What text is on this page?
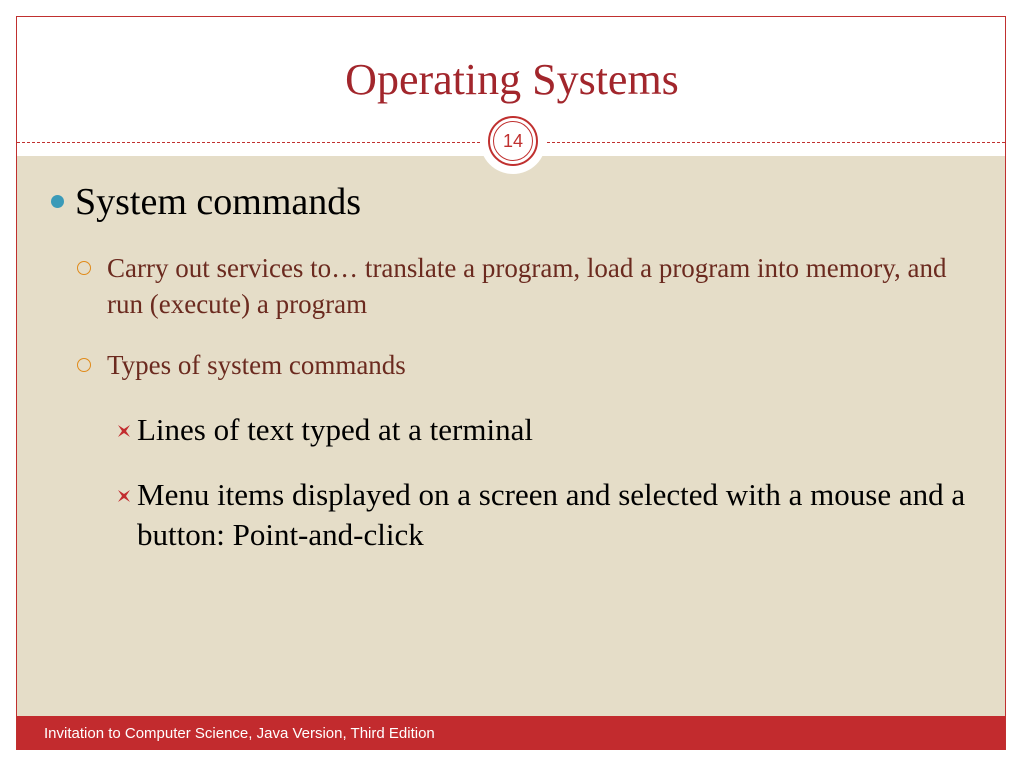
Operating Systems
14
System commands
Carry out services to… translate a program, load a program into memory, and run (execute) a program
Types of system commands
Lines of text typed at a terminal
Menu items displayed on a screen and selected with a mouse and a button: Point-and-click
Invitation to Computer Science, Java Version, Third Edition
